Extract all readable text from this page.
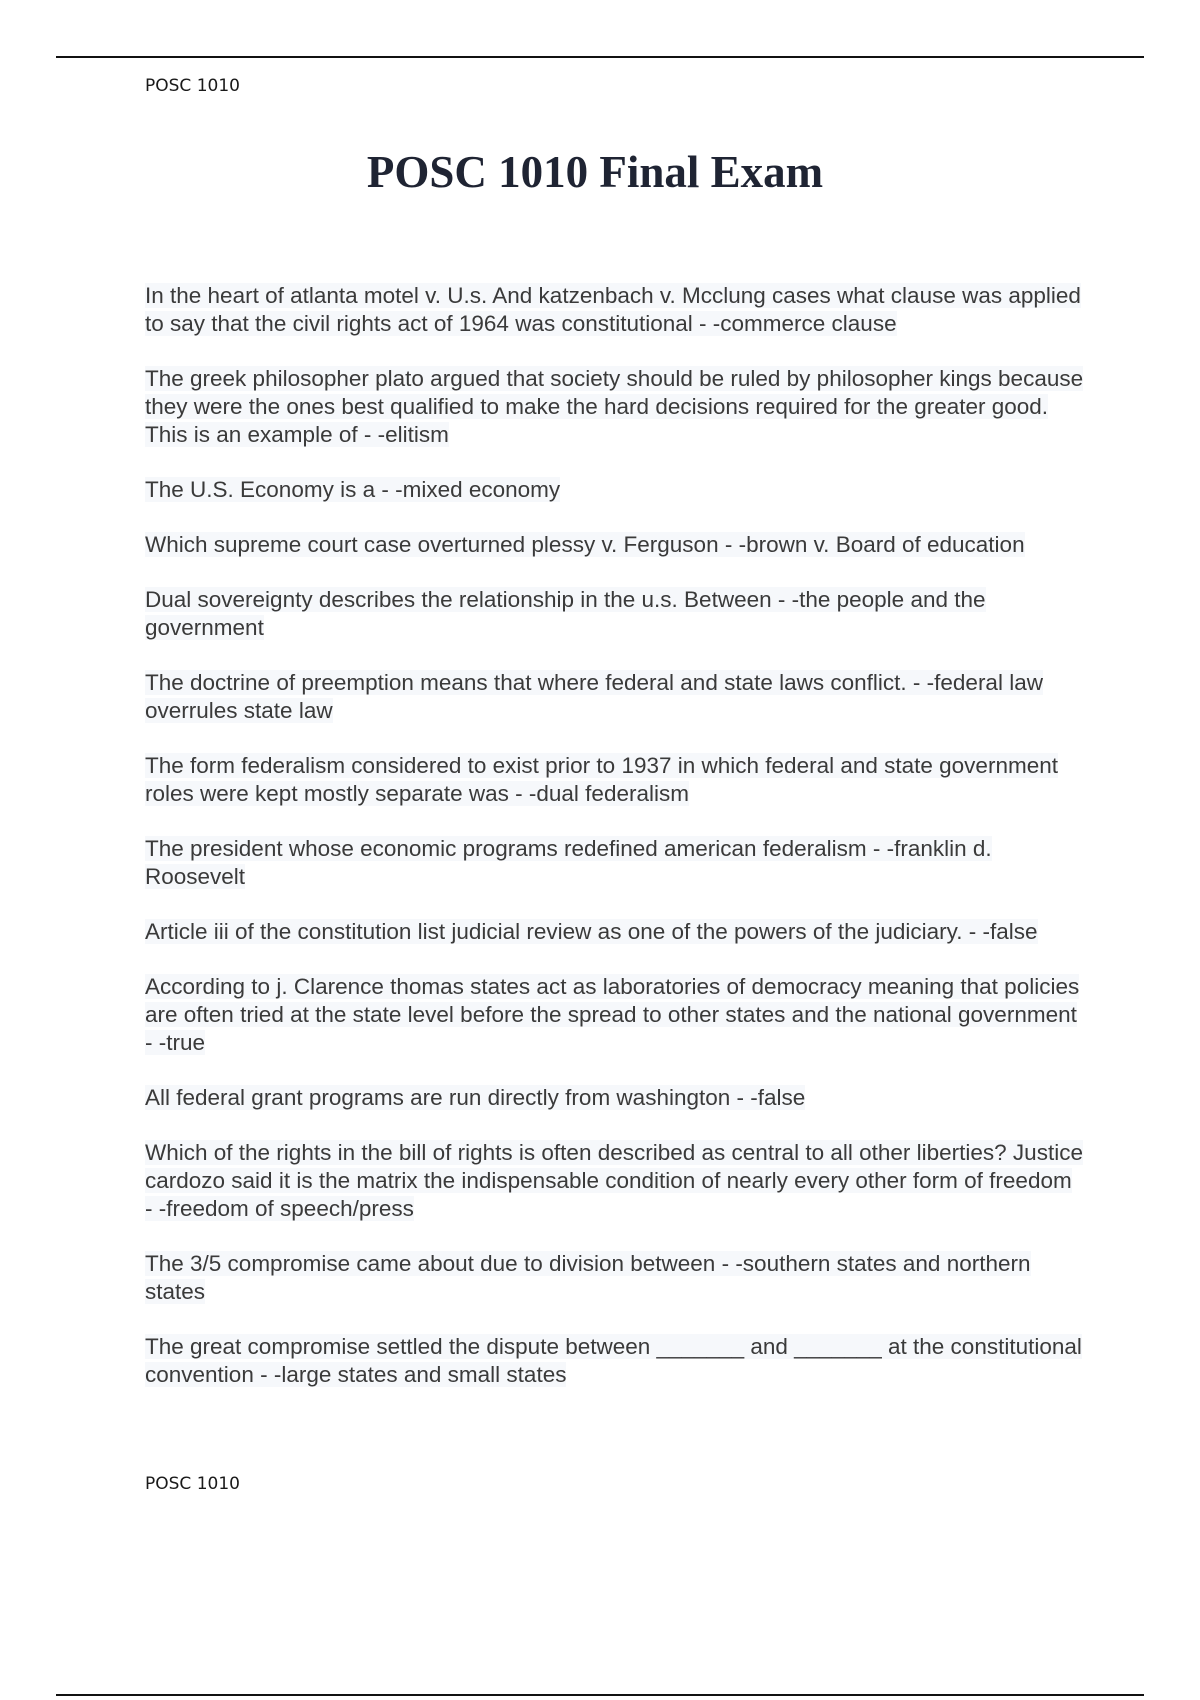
POSC 1010
POSC 1010 Final Exam

In the heart of atlanta motel v. U.s. And katzenbach v. Mcclung cases what clause was applied to say that the civil rights act of 1964 was constitutional - -commerce clause

The greek philosopher plato argued that society should be ruled by philosopher kings because they were the ones best qualified to make the hard decisions required for the greater good. This is an example of - -elitism

The U.S. Economy is a - -mixed economy

Which supreme court case overturned plessy v. Ferguson - -brown v. Board of education

Dual sovereignty describes the relationship in the u.s. Between - -the people and the government

The doctrine of preemption means that where federal and state laws conflict. - -federal law overrules state law

The form federalism considered to exist prior to 1937 in which federal and state government roles were kept mostly separate was - -dual federalism

The president whose economic programs redefined american federalism - -franklin d. Roosevelt

Article iii of the constitution list judicial review as one of the powers of the judiciary. - -false

According to j. Clarence thomas states act as laboratories of democracy meaning that policies are often tried at the state level before the spread to other states and the national government - -true

All federal grant programs are run directly from washington - -false

Which of the rights in the bill of rights is often described as central to all other liberties? Justice cardozo said it is the matrix the indispensable condition of nearly every other form of freedom - -freedom of speech/press

The 3/5 compromise came about due to division between - -southern states and northern states

The great compromise settled the dispute between _______ and _______ at the constitutional convention - -large states and small states

POSC 1010
